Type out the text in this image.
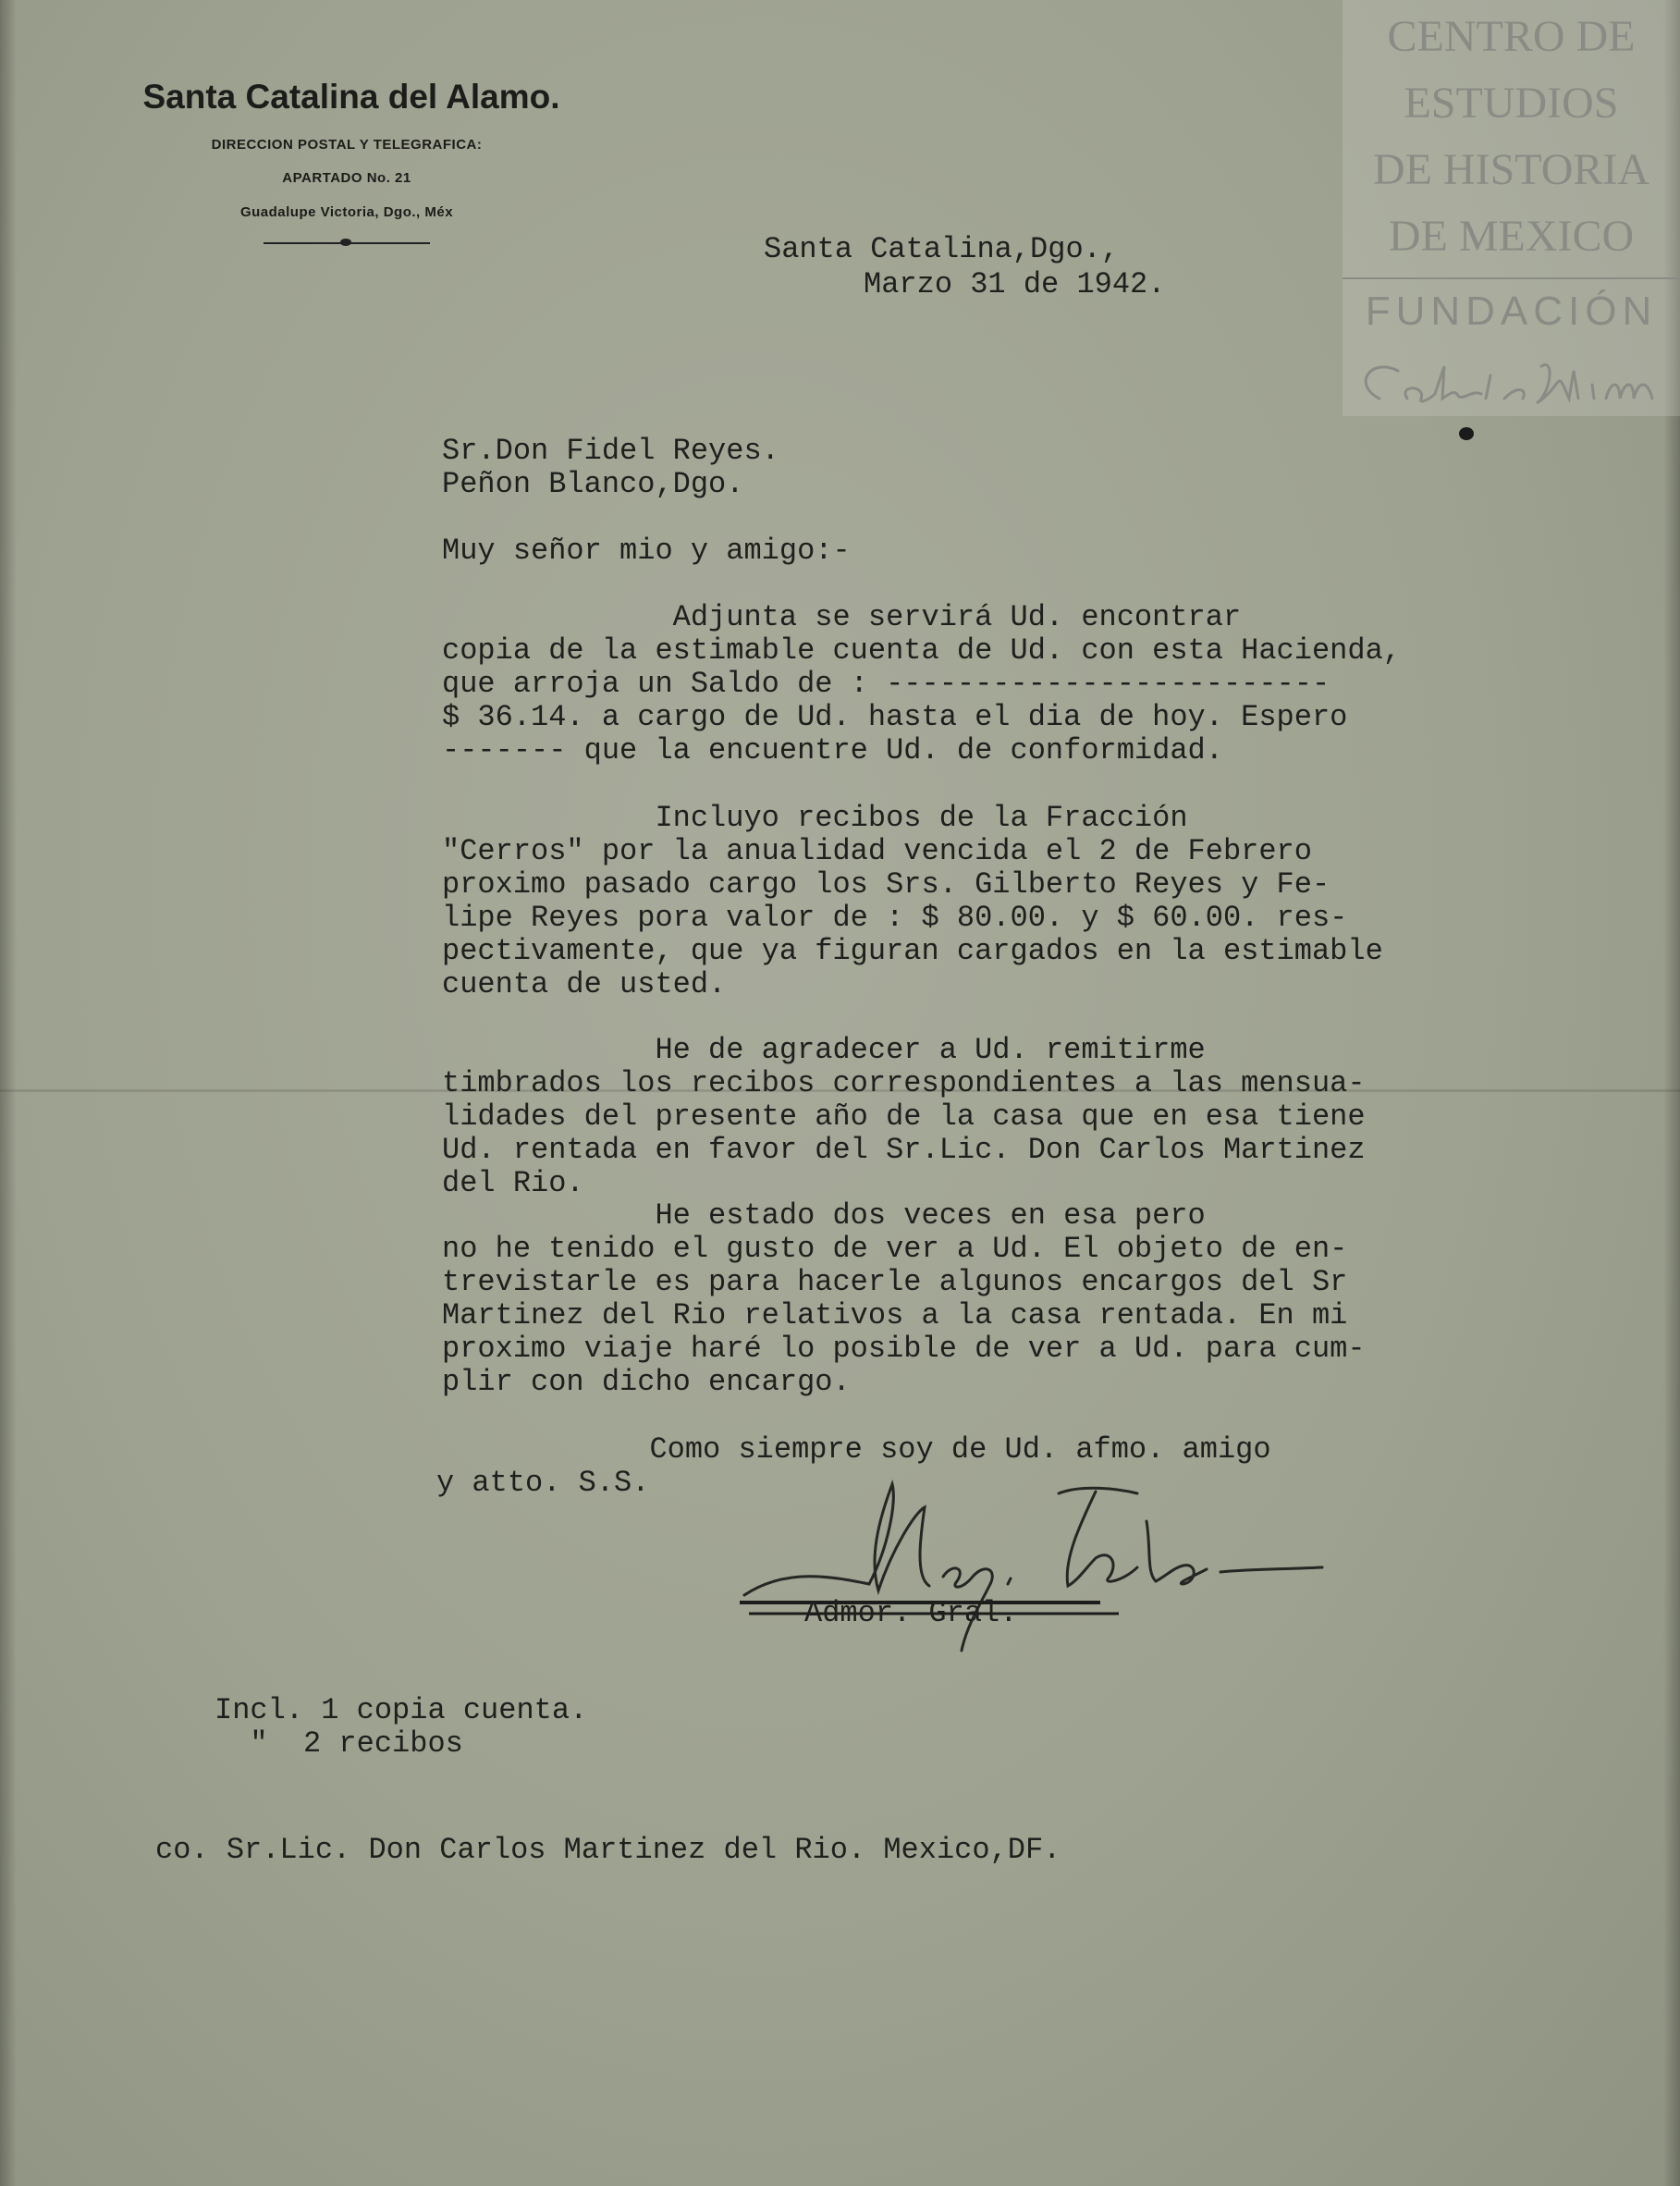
Santa Catalina del Alamo.
DIRECCION POSTAL Y TELEGRAFICA:
APARTADO No. 21
Guadalupe Victoria, Dgo., Méx
CENTRO DE
ESTUDIOS
DE HISTORIA
DE MEXICO
FUNDACIÓN
Santa Catalina,Dgo.,
Marzo 31 de 1942.
Sr.Don Fidel Reyes.
Peñon Blanco,Dgo.
Muy señor mio y amigo:-
Adjunta se servirá Ud. encontrar
copia de la estimable cuenta de Ud. con esta Hacienda,
que arroja un Saldo de : -------------------------
$ 36.14. a cargo de Ud. hasta el dia de hoy. Espero
------- que la encuentre Ud. de conformidad.
Incluyo recibos de la Fracción
"Cerros" por la anualidad vencida el 2 de Febrero
proximo pasado cargo los Srs. Gilberto Reyes y Fe-
lipe Reyes pora valor de : $ 80.00. y $ 60.00. res-
pectivamente, que ya figuran cargados en la estimable
cuenta de usted.
He de agradecer a Ud. remitirme
timbrados los recibos correspondientes a las mensua-
lidades del presente año de la casa que en esa tiene
Ud. rentada en favor del Sr.Lic. Don Carlos Martinez
del Rio.
He estado dos veces en esa pero
no he tenido el gusto de ver a Ud. El objeto de en-
trevistarle es para hacerle algunos encargos del Sr
Martinez del Rio relativos a la casa rentada. En mi
proximo viaje haré lo posible de ver a Ud. para cum-
plir con dicho encargo.
Como siempre soy de Ud. afmo. amigo
y atto. S.S.
Admor. Gral.
Incl. 1 copia cuenta.
"  2 recibos
co. Sr.Lic. Don Carlos Martinez del Rio. Mexico,DF.
